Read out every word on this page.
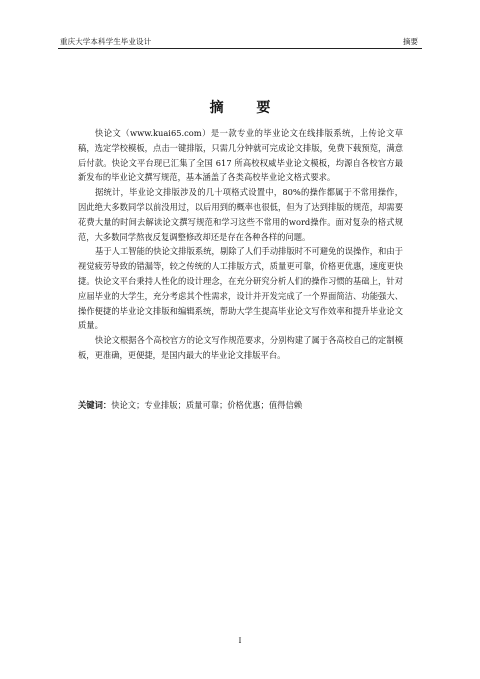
重庆大学本科学生毕业设计	摘要
摘 要

快论文（www.kuai65.com）是一款专业的毕业论文在线排版系统，上传论文草稿，选定学校模板，点击一键排版，只需几分钟就可完成论文排版，免费下载预览，满意后付款。快论文平台现已汇集了全国 617 所高校权威毕业论文模板，均源自各校官方最新发布的毕业论文撰写规范，基本涵盖了各类高校毕业论文格式要求。

据统计，毕业论文排版涉及的几十项格式设置中，80%的操作都属于不常用操作，因此绝大多数同学以前没用过，以后用到的概率也很低，但为了达到排版的规范，却需要花费大量的时间去解读论文撰写规范和学习这些不常用的word操作。面对复杂的格式规范，大多数同学熬夜反复调整修改却还是存在各种各样的问题。

基于人工智能的快论文排版系统，剔除了人们手动排版时不可避免的误操作，和由于视觉疲劳导致的错漏等，较之传统的人工排版方式，质量更可靠，价格更优惠，速度更快捷。快论文平台秉持人性化的设计理念，在充分研究分析人们的操作习惯的基础上，针对应届毕业的大学生，充分考虑其个性需求，设计并开发完成了一个界面简洁、功能强大、操作便捷的毕业论文排版和编辑系统，帮助大学生提高毕业论文写作效率和提升毕业论文质量。

快论文根据各个高校官方的论文写作规范要求，分别构建了属于各高校自己的定制模板，更准确，更便捷，是国内最大的毕业论文排版平台。

关键词：快论文；专业排版；质量可靠；价格优惠；值得信赖
I
